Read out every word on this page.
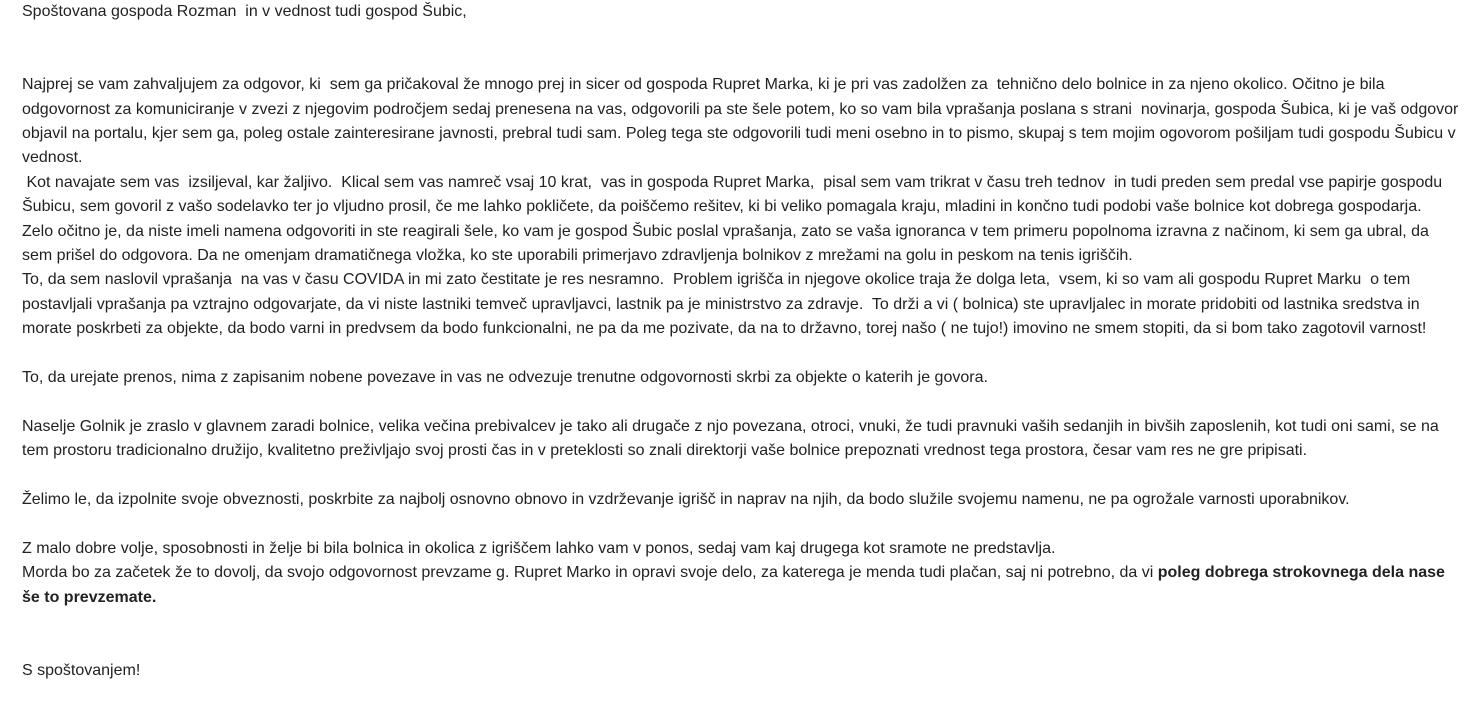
Spoštovana gospoda Rozman  in v vednost tudi gospod Šubic,

Najprej se vam zahvaljujem za odgovor, ki  sem ga pričakoval že mnogo prej in sicer od gospoda Rupret Marka, ki je pri vas zadolžen za  tehnično delo bolnice in za njeno okolico. Očitno je bila odgovornost za komuniciranje v zvezi z njegovim področjem sedaj prenesena na vas, odgovorili pa ste šele potem, ko so vam bila vprašanja poslana s strani  novinarja, gospoda Šubica, ki je vaš odgovor objavil na portalu, kjer sem ga, poleg ostale zainteresirane javnosti, prebral tudi sam. Poleg tega ste odgovorili tudi meni osebno in to pismo, skupaj s tem mojim ogovorom pošiljam tudi gospodu Šubicu v vednost.

Kot navajate sem vas  izsiljeval, kar žaljivo.  Klical sem vas namreč vsaj 10 krat,  vas in gospoda Rupret Marka,  pisal sem vam trikrat v času treh tednov  in tudi preden sem predal vse papirje gospodu Šubicu, sem govoril z vašo sodelavko ter jo vljudno prosil, če me lahko pokličete, da poiščemo rešitev, ki bi veliko pomagala kraju, mladini in končno tudi podobi vaše bolnice kot dobrega gospodarja.

Zelo očitno je, da niste imeli namena odgovoriti in ste reagirali šele, ko vam je gospod Šubic poslal vprašanja, zato se vaša ignoranca v tem primeru popolnoma izravna z načinom, ki sem ga ubral, da sem prišel do odgovora. Da ne omenjam dramatičnega vložka, ko ste uporabili primerjavo zdravljenja bolnikov z mrežami na golu in peskom na tenis igriščih.

To, da sem naslovil vprašanja  na vas v času COVIDA in mi zato čestitate je res nesramno.  Problem igrišča in njegove okolice traja že dolga leta,  vsem, ki so vam ali gospodu Rupret Marku  o tem postavljali vprašanja pa vztrajno odgovarjate, da vi niste lastniki temveč upravljavci, lastnik pa je ministrstvo za zdravje.  To drži a vi ( bolnica) ste upravljalec in morate pridobiti od lastnika sredstva in morate poskrbeti za objekte, da bodo varni in predvsem da bodo funkcionalni, ne pa da me pozivate, da na to državno, torej našo ( ne tujo!) imovino ne smem stopiti, da si bom tako zagotovil varnost!

To, da urejate prenos, nima z zapisanim nobene povezave in vas ne odvezuje trenutne odgovornosti skrbi za objekte o katerih je govora.

Naselje Golnik je zraslo v glavnem zaradi bolnice, velika večina prebivalcev je tako ali drugače z njo povezana, otroci, vnuki, že tudi pravnuki vaših sedanjih in bivših zaposlenih, kot tudi oni sami, se na tem prostoru tradicionalno družijo, kvalitetno preživljajo svoj prosti čas in v preteklosti so znali direktorji vaše bolnice prepoznati vrednost tega prostora, česar vam res ne gre pripisati.

Želimo le, da izpolnite svoje obveznosti, poskrbite za najbolj osnovno obnovo in vzdrževanje igrišč in naprav na njih, da bodo služile svojemu namenu, ne pa ogrožale varnosti uporabnikov.

Z malo dobre volje, sposobnosti in želje bi bila bolnica in okolica z igriščem lahko vam v ponos, sedaj vam kaj drugega kot sramote ne predstavlja.

Morda bo za začetek že to dovolj, da svojo odgovornost prevzame g. Rupret Marko in opravi svoje delo, za katerega je menda tudi plačan, saj ni potrebno, da vi poleg dobrega strokovnega dela nase še to prevzemate.

S spoštovanjem!
